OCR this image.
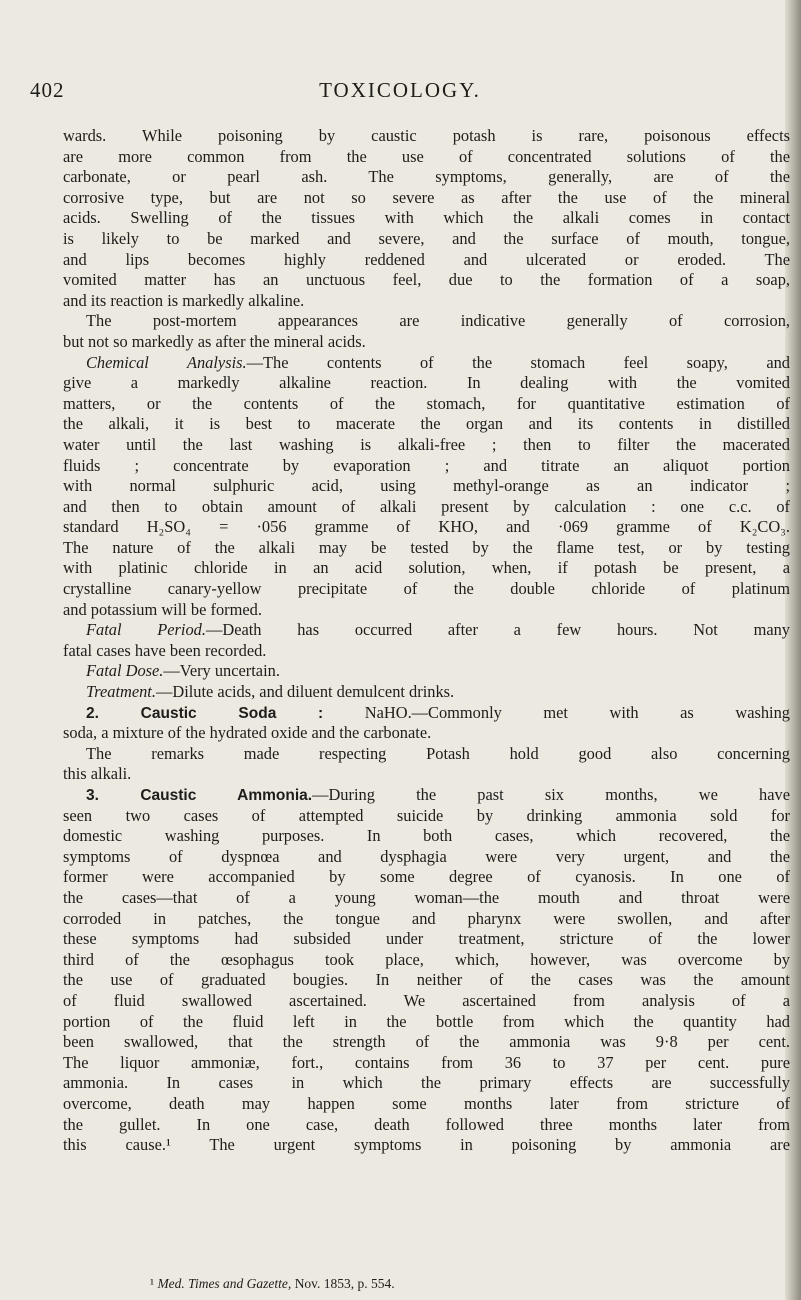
402	TOXICOLOGY.
wards. While poisoning by caustic potash is rare, poisonous effects
are more common from the use of concentrated solutions of the
carbonate, or pearl ash. The symptoms, generally, are of the
corrosive type, but are not so severe as after the use of the mineral
acids. Swelling of the tissues with which the alkali comes in contact
is likely to be marked and severe, and the surface of mouth, tongue,
and lips becomes highly reddened and ulcerated or eroded. The
vomited matter has an unctuous feel, due to the formation of a soap,
and its reaction is markedly alkaline.
The post-mortem appearances are indicative generally of corrosion,
but not so markedly as after the mineral acids.
Chemical Analysis.—The contents of the stomach feel soapy, and
give a markedly alkaline reaction. In dealing with the vomited
matters, or the contents of the stomach, for quantitative estimation of
the alkali, it is best to macerate the organ and its contents in distilled
water until the last washing is alkali-free ; then to filter the macerated
fluids ; concentrate by evaporation ; and titrate an aliquot portion
with normal sulphuric acid, using methyl-orange as an indicator ;
and then to obtain amount of alkali present by calculation : one c.c. of
standard H₂SO₄ = ·056 gramme of KHO, and ·069 gramme of K₂CO₃.
The nature of the alkali may be tested by the flame test, or by testing
with platinic chloride in an acid solution, when, if potash be present, a
crystalline canary-yellow precipitate of the double chloride of platinum
and potassium will be formed.
Fatal Period.—Death has occurred after a few hours. Not many
fatal cases have been recorded.
Fatal Dose.—Very uncertain.
Treatment.—Dilute acids, and diluent demulcent drinks.
2. Caustic Soda :	NaHO.—Commonly met with as washing
soda, a mixture of the hydrated oxide and the carbonate.
The remarks made respecting Potash hold good also concerning
this alkali.
3. Caustic Ammonia.—During the past six months, we have
seen two cases of attempted suicide by drinking ammonia sold for
domestic washing purposes. In both cases, which recovered, the
symptoms of dyspnœa and dysphagia were very urgent, and the
former were accompanied by some degree of cyanosis. In one of
the cases—that of a young woman—the mouth and throat were
corroded in patches, the tongue and pharynx were swollen, and after
these symptoms had subsided under treatment, stricture of the lower
third of the œsophagus took place, which, however, was overcome by
the use of graduated bougies. In neither of the cases was the amount
of fluid swallowed ascertained. We ascertained from analysis of a
portion of the fluid left in the bottle from which the quantity had
been swallowed, that the strength of the ammonia was 9·8 per cent.
The liquor ammoniæ, fort., contains from 36 to 37 per cent. pure
ammonia. In cases in which the primary effects are successfully
overcome, death may happen some months later from stricture of
the gullet. In one case, death followed three months later from
this cause.¹ The urgent symptoms in poisoning by ammonia are
¹ Med. Times and Gazette, Nov. 1853, p. 554.
